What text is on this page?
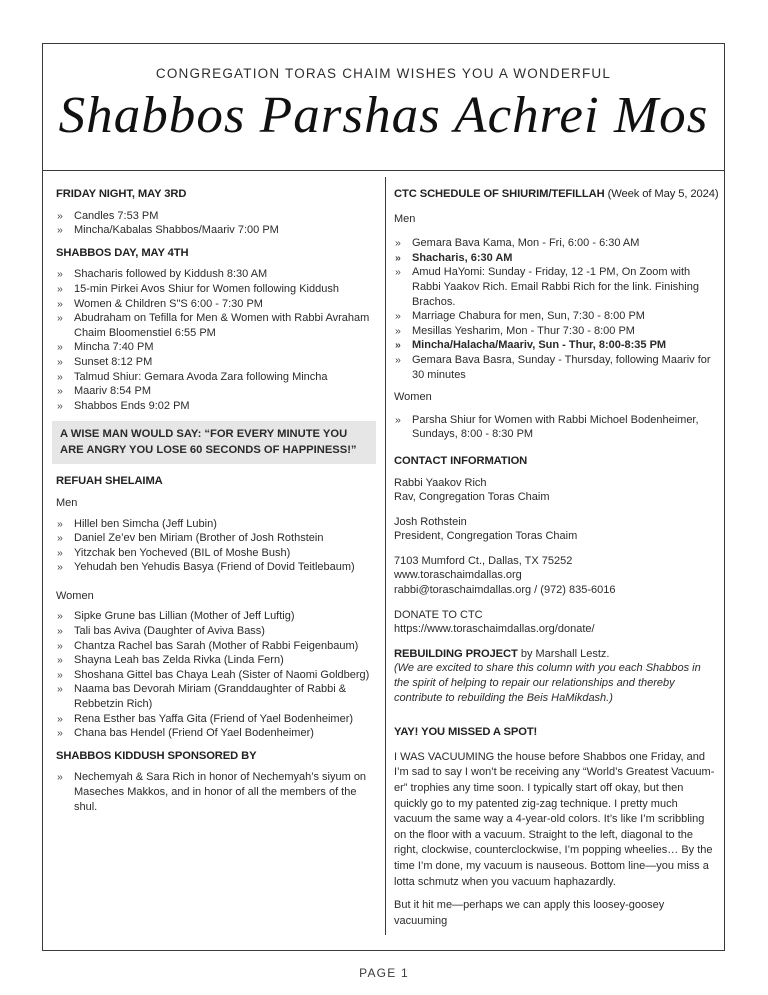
CONGREGATION TORAS CHAIM WISHES YOU A WONDERFUL
Shabbos Parshas Achrei Mos
FRIDAY NIGHT, MAY 3RD
» Candles 7:53 PM
» Mincha/Kabalas Shabbos/Maariv 7:00 PM
SHABBOS DAY, MAY 4TH
» Shacharis followed by Kiddush 8:30 AM
» 15-min Pirkei Avos Shiur for Women following Kiddush
» Women & Children S"S 6:00 - 7:30 PM
» Abudraham on Tefilla for Men & Women with Rabbi Avraham Chaim Bloomenstiel 6:55 PM
» Mincha 7:40 PM
» Sunset 8:12 PM
» Talmud Shiur: Gemara Avoda Zara following Mincha
» Maariv 8:54 PM
» Shabbos Ends 9:02 PM
A WISE MAN WOULD SAY: “FOR EVERY MINUTE YOU ARE ANGRY YOU LOSE 60 SECONDS OF HAPPINESS!”
REFUAH SHELAIMA
Men
» Hillel ben Simcha (Jeff Lubin)
» Daniel Ze’ev ben Miriam (Brother of Josh Rothstein
» Yitzchak ben Yocheved (BIL of Moshe Bush)
» Yehudah ben Yehudis Basya (Friend of Dovid Teitlebaum)
Women
» Sipke Grune bas Lillian (Mother of Jeff Luftig)
» Tali bas Aviva (Daughter of Aviva Bass)
» Chantza Rachel bas Sarah (Mother of Rabbi Feigenbaum)
» Shayna Leah bas Zelda Rivka (Linda Fern)
» Shoshana Gittel bas Chaya Leah (Sister of Naomi Goldberg)
» Naama bas Devorah Miriam (Granddaughter of Rabbi & Rebbetzin Rich)
» Rena Esther bas Yaffa Gita (Friend of Yael Bodenheimer)
» Chana bas Hendel (Friend Of Yael Bodenheimer)
SHABBOS KIDDUSH SPONSORED BY
» Nechemyah & Sara Rich in honor of Nechemyah’s siyum on Maseches Makkos, and in honor of all the members of the shul.
CTC SCHEDULE OF SHIURIM/TEFILLAH (Week of May 5, 2024)
Men
» Gemara Bava Kama, Mon - Fri, 6:00 - 6:30 AM
» Shacharis, 6:30 AM
» Amud HaYomi: Sunday - Friday, 12 -1 PM, On Zoom with Rabbi Yaakov Rich. Email Rabbi Rich for the link. Finishing Brachos.
» Marriage Chabura for men, Sun, 7:30 - 8:00 PM
» Mesillas Yesharim, Mon - Thur 7:30 - 8:00 PM
» Mincha/Halacha/Maariv, Sun - Thur, 8:00-8:35 PM
» Gemara Bava Basra, Sunday - Thursday, following Maariv for 30 minutes
Women
» Parsha Shiur for Women with Rabbi Michoel Bodenheimer, Sundays, 8:00 - 8:30 PM
CONTACT INFORMATION

Rabbi Yaakov Rich

Rav, Congregation Toras Chaim

Josh Rothstein

President, Congregation Toras Chaim

7103 Mumford Ct., Dallas, TX 75252

www.toraschaimdallas.org

rabbi@toraschaimdallas.org / (972) 835-6016

DONATE TO CTC

https://www.toraschaimdallas.org/donate/

REBUILDING PROJECT by Marshall Lestz.

(We are excited to share this column with you each Shabbos in the spirit of helping to repair our relationships and thereby contribute to rebuilding the Beis HaMikdash.)

YAY! YOU MISSED A SPOT!

I WAS VACUUMING the house before Shabbos one Friday, and I’m sad to say I won’t be receiving any “World’s Greatest Vacuum-er” trophies any time soon. I typically start off okay, but then quickly go to my patented zig-zag technique. I pretty much vacuum the same way a 4-year-old colors. It’s like I’m scribbling on the floor with a vacuum. Straight to the left, diagonal to the right, clockwise, counterclockwise, I’m popping wheelies… By the time I’m done, my vacuum is nauseous. Bottom line—you miss a lotta schmutz when you vacuum haphazardly.

But it hit me—perhaps we can apply this loosey-goosey vacuuming

PAGE 1
